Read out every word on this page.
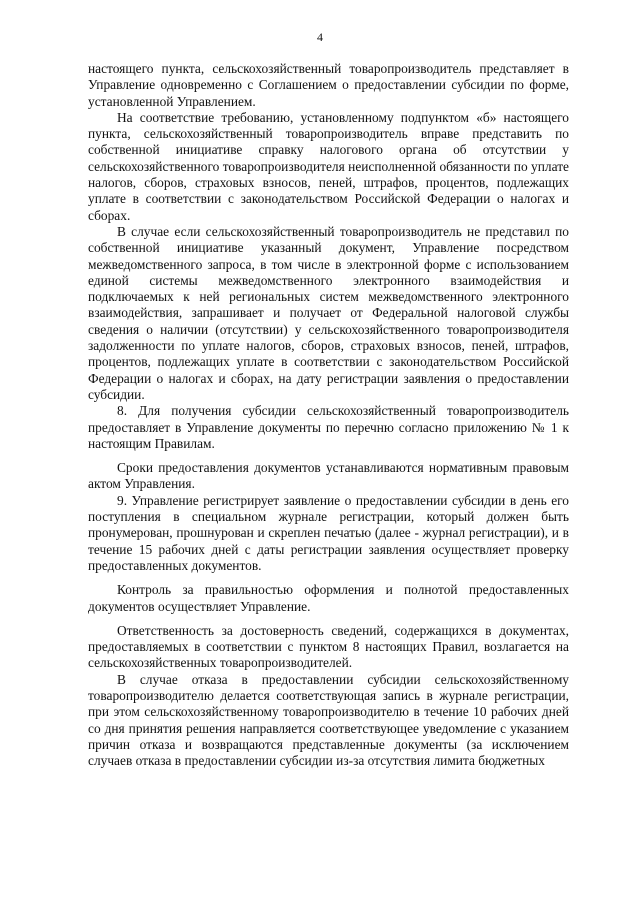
4

настоящего пункта, сельскохозяйственный товаропроизводитель представляет в Управление одновременно с Соглашением о предоставлении субсидии по форме, установленной Управлением.

На соответствие требованию, установленному подпунктом «б» настоящего пункта, сельскохозяйственный товаропроизводитель вправе представить по собственной инициативе справку налогового органа об отсутствии у сельскохозяйственного товаропроизводителя неисполненной обязанности по уплате налогов, сборов, страховых взносов, пеней, штрафов, процентов, подлежащих уплате в соответствии с законодательством Российской Федерации о налогах и сборах.

В случае если сельскохозяйственный товаропроизводитель не представил по собственной инициативе указанный документ, Управление посредством межведомственного запроса, в том числе в электронной форме с использованием единой системы межведомственного электронного взаимодействия и подключаемых к ней региональных систем межведомственного электронного взаимодействия, запрашивает и получает от Федеральной налоговой службы сведения о наличии (отсутствии) у сельскохозяйственного товаропроизводителя задолженности по уплате налогов, сборов, страховых взносов, пеней, штрафов, процентов, подлежащих уплате в соответствии с законодательством Российской Федерации о налогах и сборах, на дату регистрации заявления о предоставлении субсидии.

8. Для получения субсидии сельскохозяйственный товаропроизводитель предоставляет в Управление документы по перечню согласно приложению № 1 к настоящим Правилам.

Сроки предоставления документов устанавливаются нормативным правовым актом Управления.

9. Управление регистрирует заявление о предоставлении субсидии в день его поступления в специальном журнале регистрации, который должен быть пронумерован, прошнурован и скреплен печатью (далее - журнал регистрации), и в течение 15 рабочих дней с даты регистрации заявления осуществляет проверку предоставленных документов.

Контроль за правильностью оформления и полнотой предоставленных документов осуществляет Управление.

Ответственность за достоверность сведений, содержащихся в документах, предоставляемых в соответствии с пунктом 8 настоящих Правил, возлагается на сельскохозяйственных товаропроизводителей.

В случае отказа в предоставлении субсидии сельскохозяйственному товаропроизводителю делается соответствующая запись в журнале регистрации, при этом сельскохозяйственному товаропроизводителю в течение 10 рабочих дней со дня принятия решения направляется соответствующее уведомление с указанием причин отказа и возвращаются представленные документы (за исключением случаев отказа в предоставлении субсидии из-за отсутствия лимита бюджетных
